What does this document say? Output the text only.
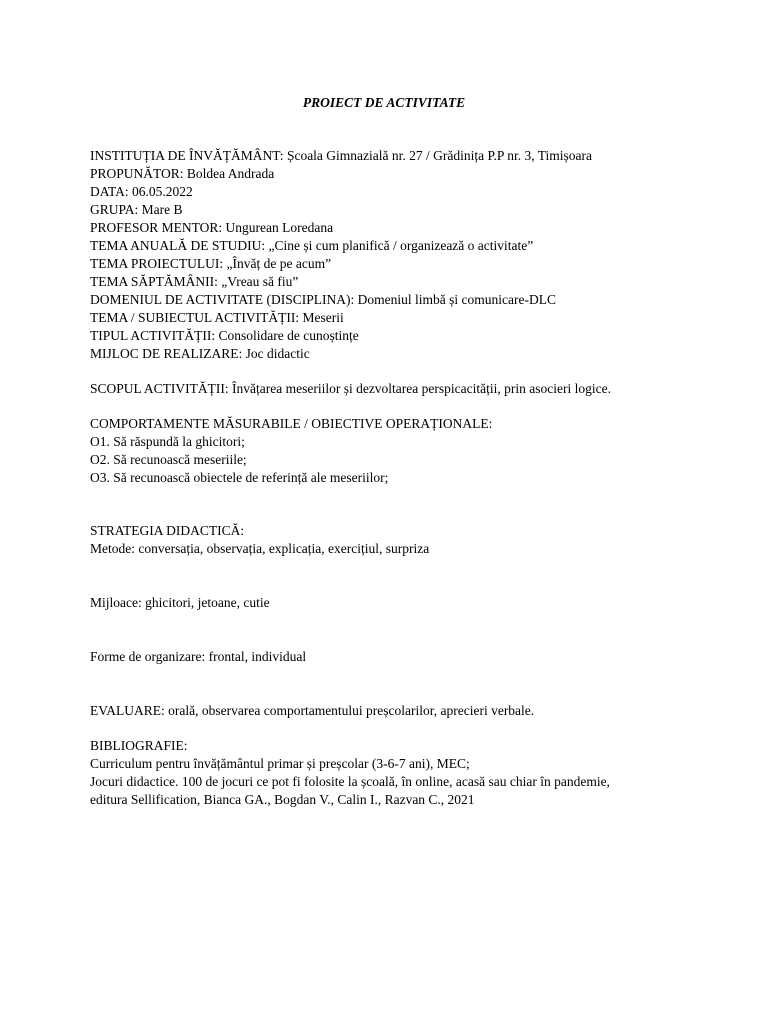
PROIECT DE ACTIVITATE
INSTITUȚIA DE ÎNVĂȚĂMÂNT: Școala Gimnazială nr. 27 / Grădinița P.P nr. 3, Timișoara
PROPUNĂTOR: Boldea Andrada
DATA: 06.05.2022
GRUPA: Mare B
PROFESOR MENTOR: Ungurean Loredana
TEMA ANUALĂ DE STUDIU: „Cine și cum planifică / organizează o activitate”
TEMA PROIECTULUI: „Învăț de pe acum”
TEMA SĂPTĂMÂNII: „Vreau să fiu”
DOMENIUL DE ACTIVITATE (DISCIPLINA): Domeniul limbă și comunicare-DLC
TEMA / SUBIECTUL ACTIVITĂȚII: Meserii
TIPUL ACTIVITĂȚII: Consolidare de cunoștințe
MIJLOC DE REALIZARE: Joc didactic
SCOPUL ACTIVITĂȚII: Învățarea meseriilor și dezvoltarea perspicacității, prin asocieri logice.
COMPORTAMENTE MĂSURABILE / OBIECTIVE OPERAȚIONALE:
O1. Să răspundă la ghicitori;
O2. Să recunoască meseriile;
O3. Să recunoască obiectele de referință ale meseriilor;
STRATEGIA DIDACTICĂ:
Metode: conversația, observația, explicația, exercițiul, surpriza
Mijloace: ghicitori, jetoane, cutie
Forme de organizare: frontal, individual
EVALUARE: orală, observarea comportamentului preșcolarilor, aprecieri verbale.
BIBLIOGRAFIE:
Curriculum pentru învățământul primar și preșcolar (3-6-7 ani), MEC;
Jocuri didactice. 100 de jocuri ce pot fi folosite la școală, în online, acasă sau chiar în pandemie,
editura Sellification, Bianca GA., Bogdan V., Calin I., Razvan C., 2021
